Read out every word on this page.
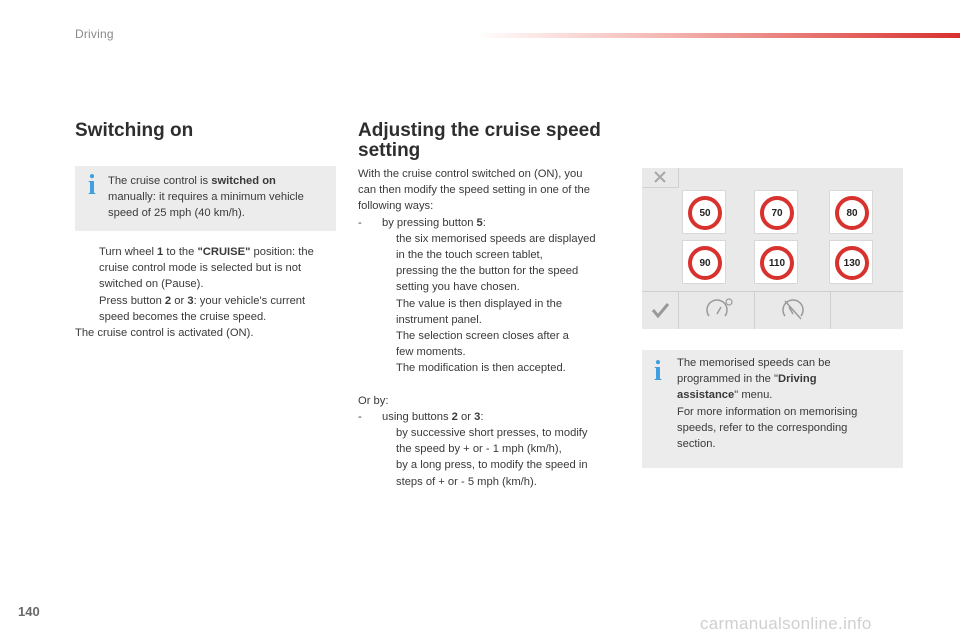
Driving
Switching on
i The cruise control is switched on
manually: it requires a minimum vehicle
speed of 25 mph (40 km/h).
Turn wheel 1 to the "CRUISE" position: the
cruise control mode is selected but is not
switched on (Pause).
Press button 2 or 3: your vehicle's current
speed becomes the cruise speed.
The cruise control is activated (ON).
Adjusting the cruise speed
setting
With the cruise control switched on (ON), you
can then modify the speed setting in one of the
following ways:
- by pressing button 5:
the six memorised speeds are displayed
in the the touch screen tablet,
pressing the the button for the speed
setting you have chosen.
The value is then displayed in the
instrument panel.
The selection screen closes after a
few moments.
The modification is then accepted.
Or by:
- using buttons 2 or 3:
by successive short presses, to modify
the speed by + or - 1 mph (km/h),
by a long press, to modify the speed in
steps of + or - 5 mph (km/h).
50	70	80
90	110	130
i The memorised speeds can be
programmed in the "Driving
assistance" menu.
For more information on memorising
speeds, refer to the corresponding
section.
140
carmanualsonline.info
